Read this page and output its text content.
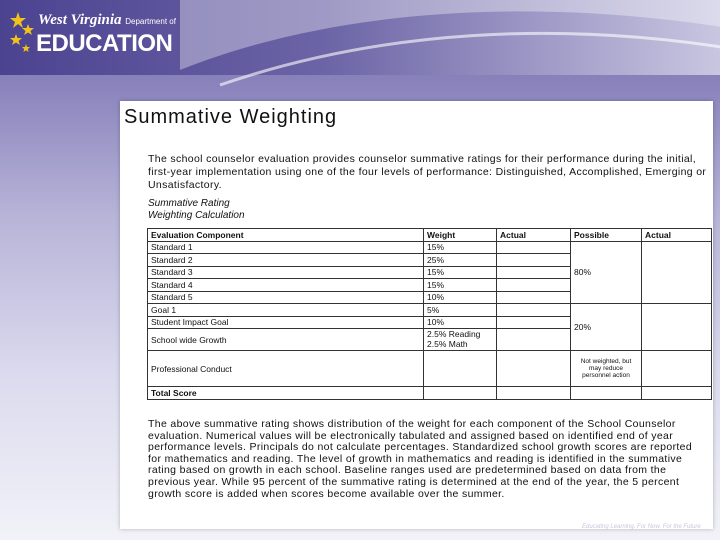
West Virginia Department of
EDUCATION
Summative Weighting
The school counselor evaluation provides counselor summative ratings for their performance during the initial, first-year implementation using one of the four levels of performance: Distinguished, Accomplished, Emerging or Unsatisfactory.
Summative Rating
Weighting Calculation
Evaluation Component	Weight	Actual	Possible	Actual
Standard 1	15%		80%	
Standard 2	25%			
Standard 3	15%			
Standard 4	15%			
Standard 5	10%			
Goal 1	5%		20%	
Student Impact Goal	10%			
School wide Growth	2.5% Reading
2.5% Math			

Professional Conduct			Not weighted, but may reduce personnel action	
Total Score				
The above summative rating shows distribution of the weight for each component of the School Counselor evaluation. Numerical values will be electronically tabulated and assigned based on identified end of year performance levels. Principals do not calculate percentages. Standardized school growth scores are reported for mathematics and reading. The level of growth in mathematics and reading is identified in the summative rating based on growth in each school. Baseline ranges used are predetermined based on data from the previous year. While 95 percent of the summative rating is determined at the end of the year, the 5 percent growth score is added when scores become available over the summer.
Educating Learning. For Now. For the Future
